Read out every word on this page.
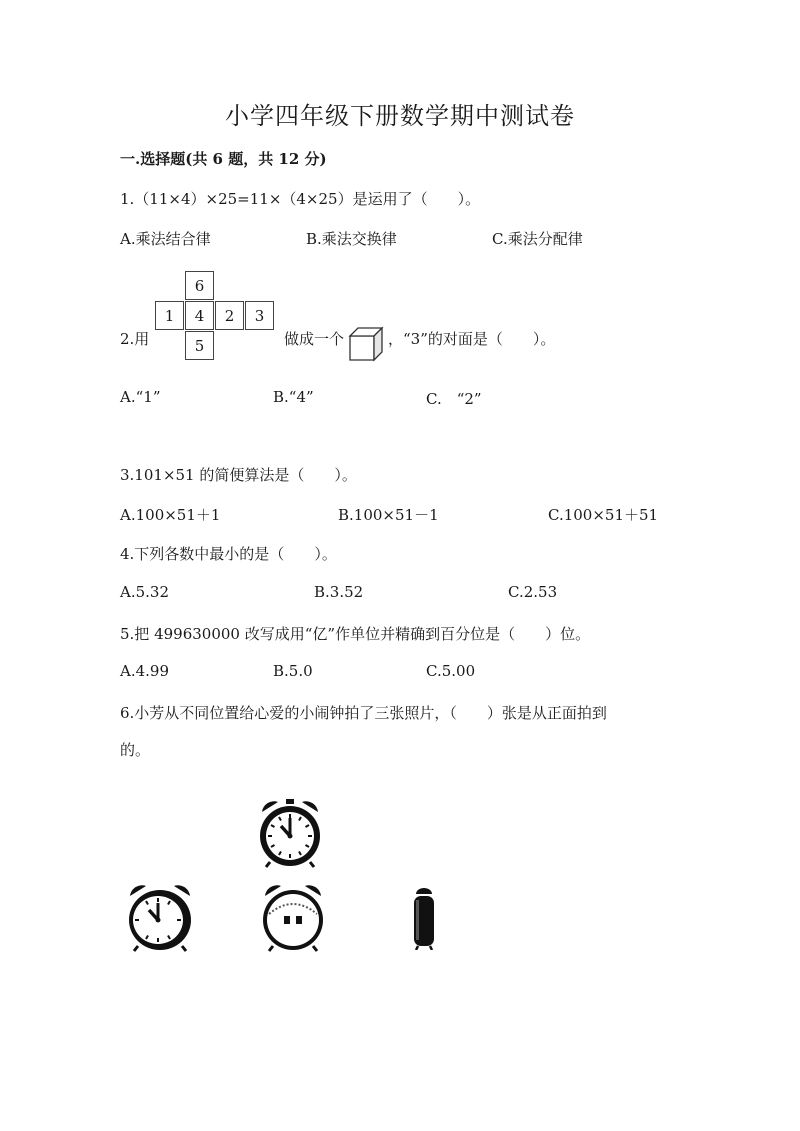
小学四年级下册数学期中测试卷
一.选择题(共 6 题，共 12 分)
1.（11×4）×25=11×（4×25）是运用了（　　）。
A.乘法结合律	B.乘法交换律	C.乘法分配律
6
1	4	2	3
5
2.用	做成一个	，“3”的对面是（　　）。
A.“1”	B.“4”	C.　“2”
3.101×51 的简便算法是（　　）。
A.100×51＋1	B.100×51－1	C.100×51＋51
4.下列各数中最小的是（　　）。
A.5.32	B.3.52	C.2.53
5.把 499630000 改写成用“亿”作单位并精确到百分位是（　　）位。
A.4.99	B.5.0	C.5.00
6.小芳从不同位置给心爱的小闹钟拍了三张照片，（　　）张是从正面拍到
的。
